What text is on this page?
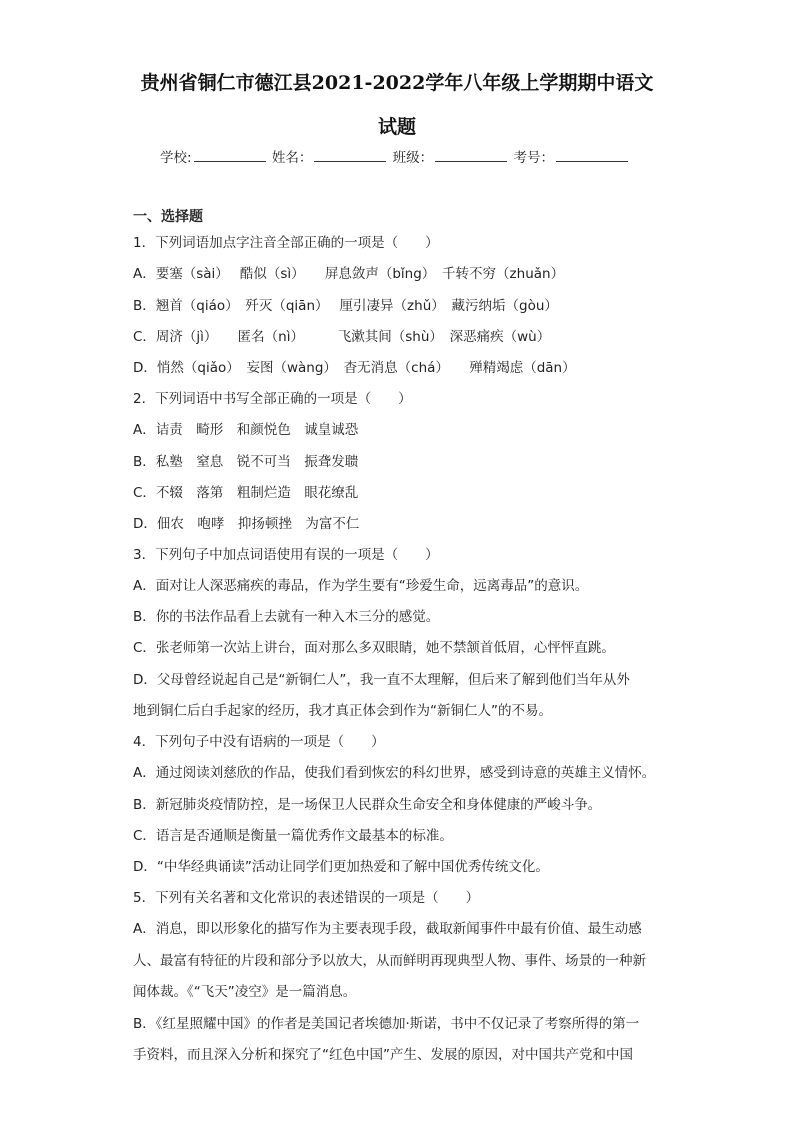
贵州省铜仁市德江县2021-2022学年八年级上学期期中语文
试题
学校:	姓名：	班级：	考号：
一、选择题
1．下列词语加点字注音全部正确的一项是（　　）
A．要塞（sài）　 酷似（sì）　　屏息敛声（bǐng）　千转不穷（zhuǎn）
B．翘首（qiáo）　歼灭（qiān）　 厘引凄异（zhǔ）　藏污纳垢（gòu）
C．周济（jì）　　匿名（nì）　　　飞漱其间（shù）　深恶痛疾（wù）
D．悄然（qiǎo）　妄图（wàng）　杳无消息（chá）　　殚精竭虑（dān）
2．下列词语中书写全部正确的一项是（　　）
A．诘责　畸形　和颜悦色　诚皇诚恐
B．私塾　窒息　锐不可当　振聋发聩
C．不辍　落第　粗制烂造　眼花缭乱
D．佃农　咆哮　抑扬顿挫　为富不仁
3．下列句子中加点词语使用有误的一项是（　　）
A．面对让人深恶痛疾的毒品，作为学生要有“珍爱生命，远离毒品”的意识。
B．你的书法作品看上去就有一种入木三分的感觉。
C．张老师第一次站上讲台，面对那么多双眼睛，她不禁颔首低眉，心怦怦直跳。
D．父母曾经说起自己是“新铜仁人”，我一直不太理解，但后来了解到他们当年从外
地到铜仁后白手起家的经历，我才真正体会到作为“新铜仁人”的不易。
4．下列句子中没有语病的一项是（　　）
A．通过阅读刘慈欣的作品，使我们看到恢宏的科幻世界，感受到诗意的英雄主义情怀。
B．新冠肺炎疫情防控，是一场保卫人民群众生命安全和身体健康的严峻斗争。
C．语言是否通顺是衡量一篇优秀作文最基本的标准。
D．“中华经典诵读”活动让同学们更加热爱和了解中国优秀传统文化。
5．下列有关名著和文化常识的表述错误的一项是（　　）
A．消息，即以形象化的描写作为主要表现手段，截取新闻事件中最有价值、最生动感
人、最富有特征的片段和部分予以放大，从而鲜明再现典型人物、事件、场景的一种新
闻体裁。《“飞天”凌空》是一篇消息。
B．《红星照耀中国》的作者是美国记者埃德加·斯诺，书中不仅记录了考察所得的第一
手资料，而且深入分析和探究了“红色中国”产生、发展的原因，对中国共产党和中国
